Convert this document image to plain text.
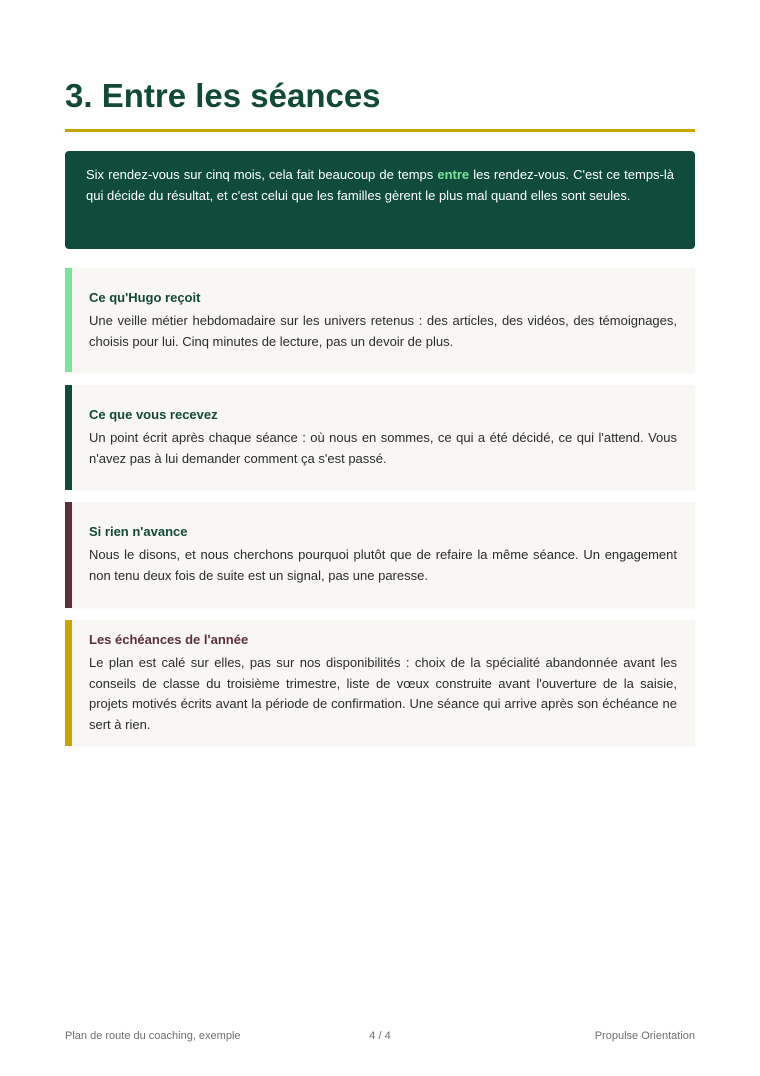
3. Entre les séances
Six rendez-vous sur cinq mois, cela fait beaucoup de temps entre les rendez-vous. C'est ce temps-là qui décide du résultat, et c'est celui que les familles gèrent le plus mal quand elles sont seules.
Ce qu'Hugo reçoit

Une veille métier hebdomadaire sur les univers retenus : des articles, des vidéos, des témoignages, choisis pour lui. Cinq minutes de lecture, pas un devoir de plus.

Ce que vous recevez

Un point écrit après chaque séance : où nous en sommes, ce qui a été décidé, ce qui l'attend. Vous n'avez pas à lui demander comment ça s'est passé.

Si rien n'avance

Nous le disons, et nous cherchons pourquoi plutôt que de refaire la même séance. Un engagement non tenu deux fois de suite est un signal, pas une paresse.

Les échéances de l'année

Le plan est calé sur elles, pas sur nos disponibilités : choix de la spécialité abandonnée avant les conseils de classe du troisième trimestre, liste de vœux construite avant l'ouverture de la saisie, projets motivés écrits avant la période de confirmation. Une séance qui arrive après son échéance ne sert à rien.

Plan de route du coaching, exemple	4 / 4	Propulse Orientation
